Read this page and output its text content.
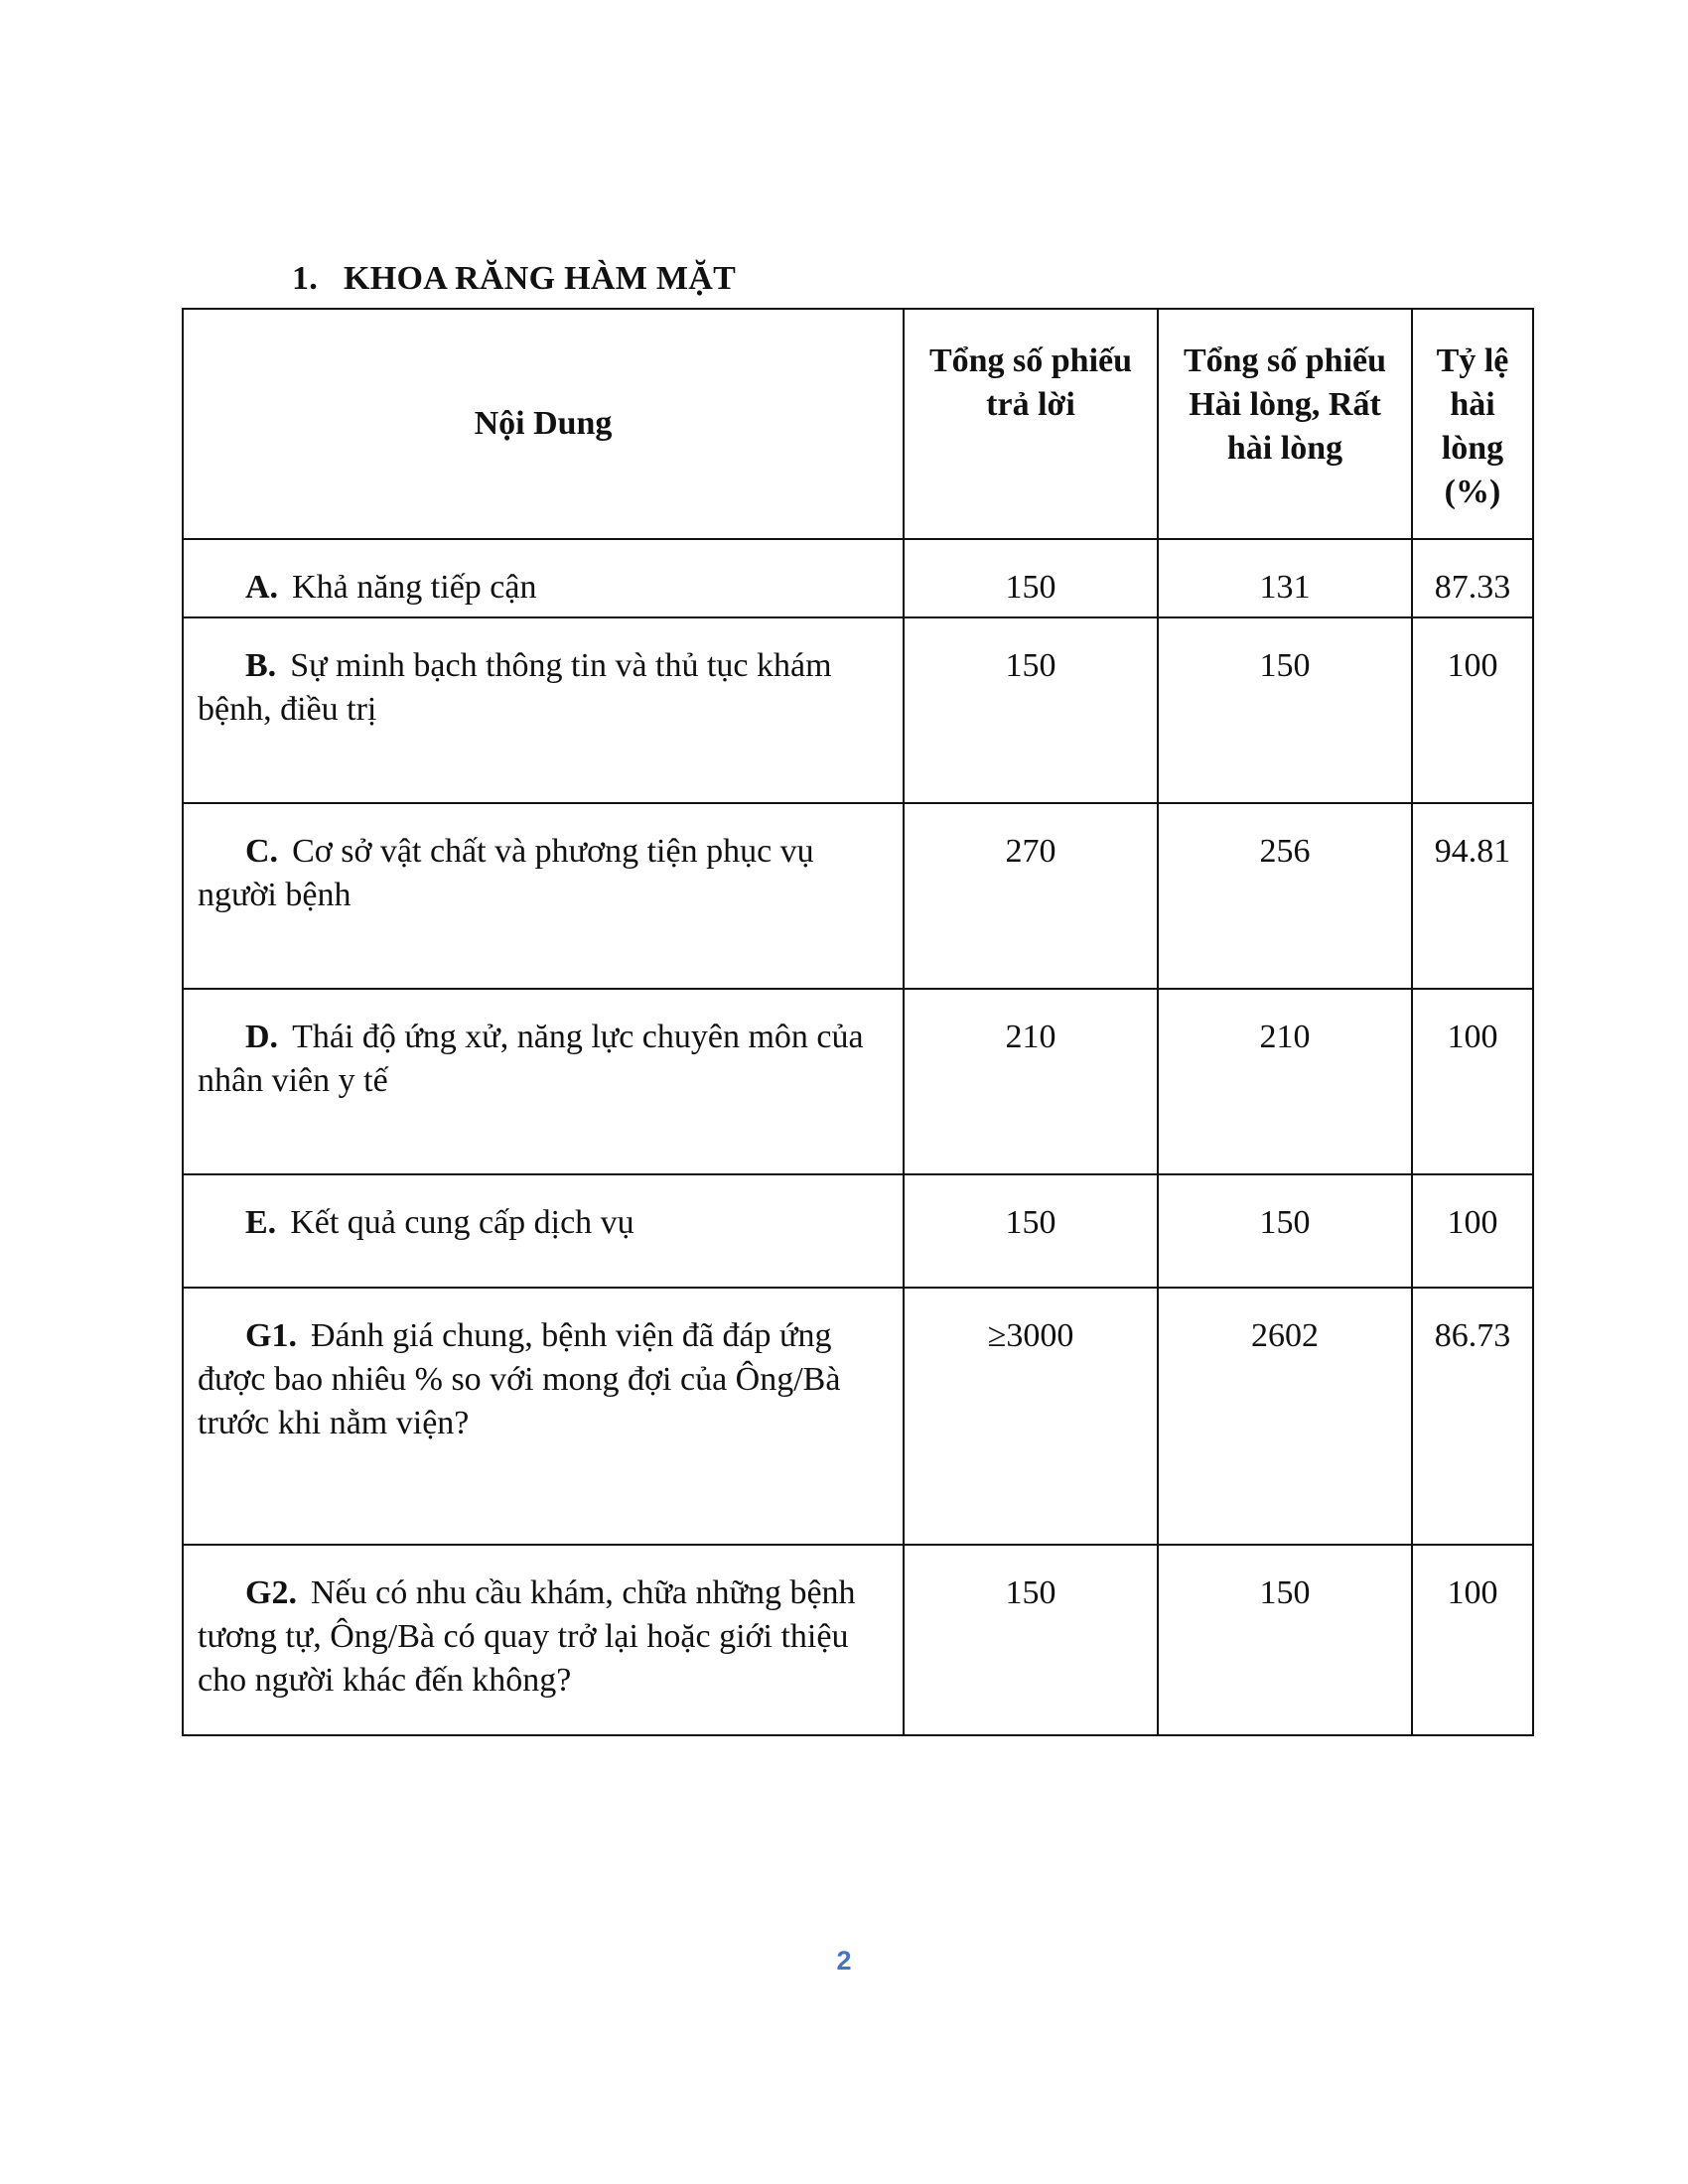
1. KHOA RĂNG HÀM MẶT
Nội Dung	Tổng số phiếu trả lời	Tổng số phiếu Hài lòng, Rất hài lòng	Tỷ lệ hài lòng (%)
A. Khả năng tiếp cận	150	131	87.33
B. Sự minh bạch thông tin và thủ tục khám bệnh, điều trị	150	150	100
C. Cơ sở vật chất và phương tiện phục vụ người bệnh	270	256	94.81
D. Thái độ ứng xử, năng lực chuyên môn của nhân viên y tế	210	210	100
E. Kết quả cung cấp dịch vụ	150	150	100
G1. Đánh giá chung, bệnh viện đã đáp ứng được bao nhiêu % so với mong đợi của Ông/Bà trước khi nằm viện?	≥3000	2602	86.73
G2. Nếu có nhu cầu khám, chữa những bệnh tương tự, Ông/Bà có quay trở lại hoặc giới thiệu cho người khác đến không?	150	150	100
2
